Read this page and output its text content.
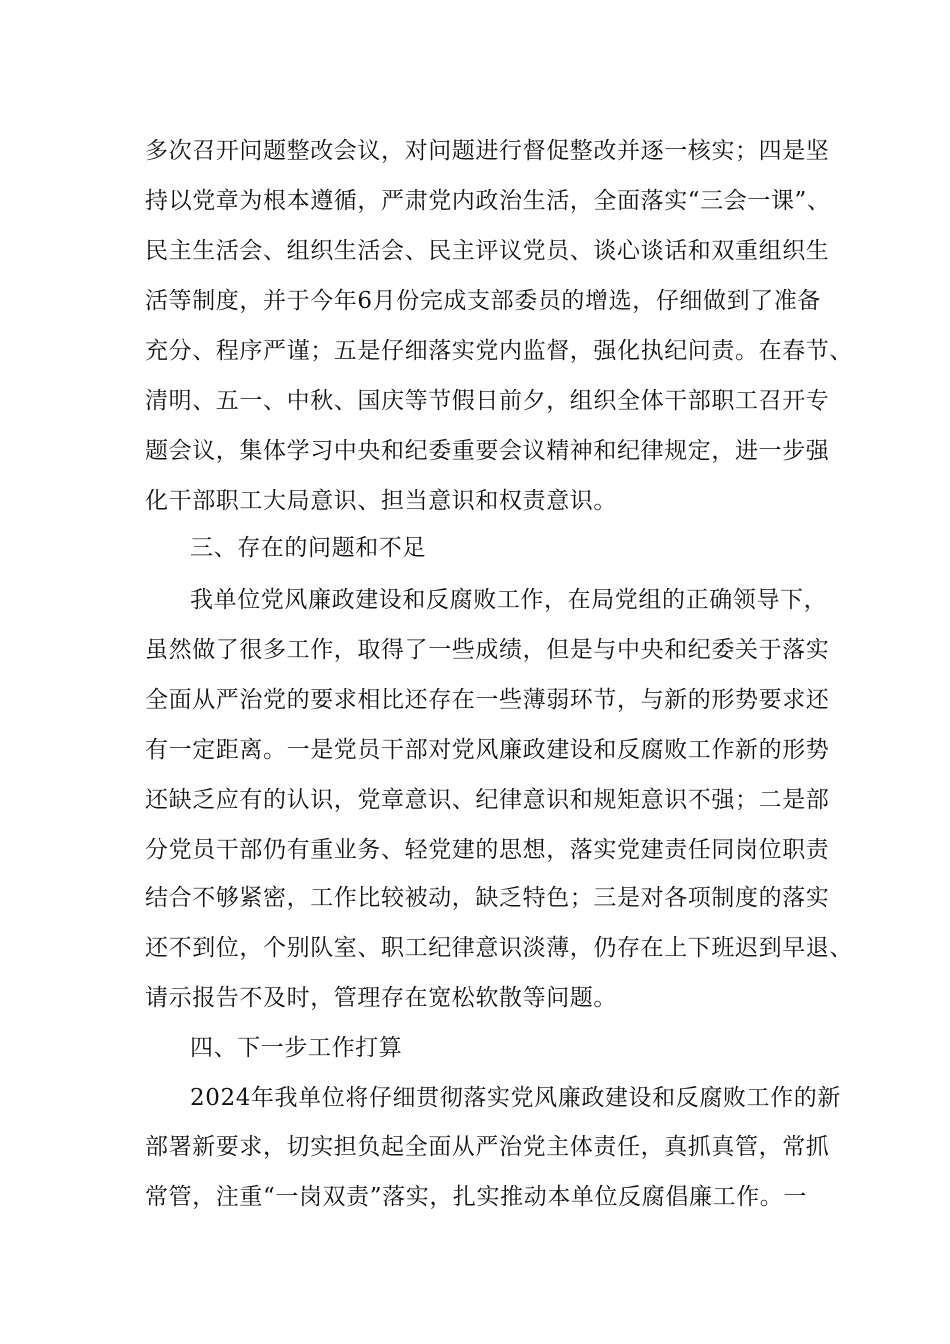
多次召开问题整改会议，对问题进行督促整改并逐一核实；四是坚
持以党章为根本遵循，严肃党内政治生活，全面落实“三会一课”、
民主生活会、组织生活会、民主评议党员、谈心谈话和双重组织生
活等制度，并于今年6月份完成支部委员的增选，仔细做到了准备
充分、程序严谨；五是仔细落实党内监督，强化执纪问责。在春节、
清明、五一、中秋、国庆等节假日前夕，组织全体干部职工召开专
题会议，集体学习中央和纪委重要会议精神和纪律规定，进一步强
化干部职工大局意识、担当意识和权责意识。
三、存在的问题和不足
我单位党风廉政建设和反腐败工作，在局党组的正确领导下，
虽然做了很多工作，取得了一些成绩，但是与中央和纪委关于落实
全面从严治党的要求相比还存在一些薄弱环节，与新的形势要求还
有一定距离。一是党员干部对党风廉政建设和反腐败工作新的形势
还缺乏应有的认识，党章意识、纪律意识和规矩意识不强；二是部
分党员干部仍有重业务、轻党建的思想，落实党建责任同岗位职责
结合不够紧密，工作比较被动，缺乏特色；三是对各项制度的落实
还不到位，个别队室、职工纪律意识淡薄，仍存在上下班迟到早退、
请示报告不及时，管理存在宽松软散等问题。
四、下一步工作打算
2024年我单位将仔细贯彻落实党风廉政建设和反腐败工作的新
部署新要求，切实担负起全面从严治党主体责任，真抓真管，常抓
常管，注重“一岗双责”落实，扎实推动本单位反腐倡廉工作。一
